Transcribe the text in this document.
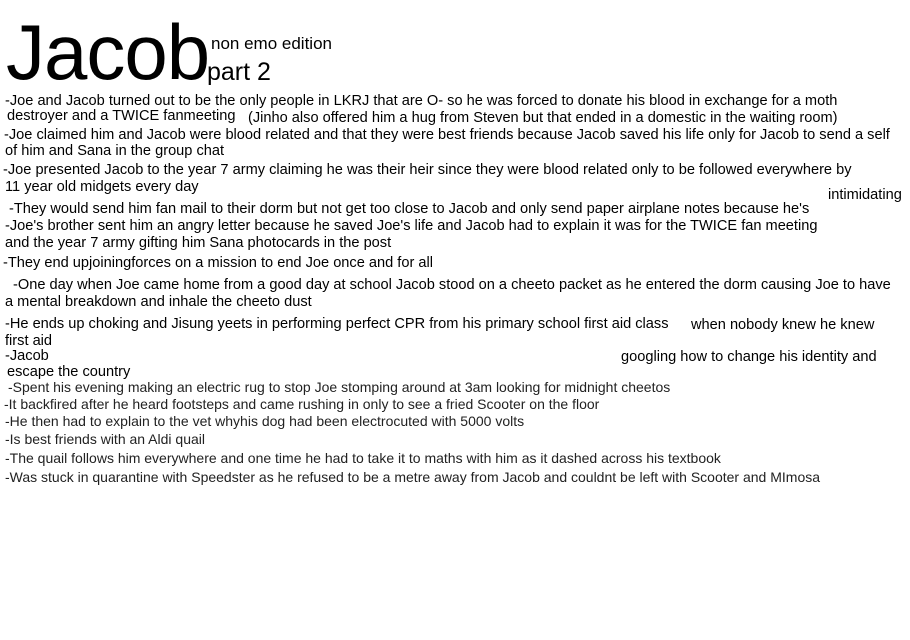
Jacob non emo edition
part 2
-Joe and Jacob turned out to be the only people in LKRJ that are O- so he was forced to donate his blood in exchange for a moth
destroyer and a TWICE fanmeeting (Jinho also offered him a hug from Steven but that ended in a domestic in the waiting room)
-Joe claimed him and Jacob were blood related and that they were best friends because Jacob saved his life only for Jacob to send a self
of him and Sana in the group chat
-Joe presented Jacob to the year 7 army claiming he was their heir since they were blood related only to be followed everywhere by
11 year old midgets every day	intimidating
-They would send him fan mail to their dorm but not get too close to Jacob and only send paper airplane notes because he's
-Joe's brother sent him an angry letter because he saved Joe's life and Jacob had to explain it was for the TWICE fan meeting
and the year 7 army gifting him Sana photocards in the post
-They end upjoiningforces on a mission to end Joe once and for all
-One day when Joe came home from a good day at school Jacob stood on a cheeto packet as he entered the dorm causing Joe to have
a mental breakdown and inhale the cheeto dust
-He ends up choking and Jisung yeets in performing perfect CPR from his primary school first aid class when nobody knew he knew
first aid
-Jacob	googling how to change his identity and
escape the country
-Spent his evening making an electric rug to stop Joe stomping around at 3am looking for midnight cheetos
-It backfired after he heard footsteps and came rushing in only to see a fried Scooter on the floor
-He then had to explain to the vet whyhis dog had been electrocuted with 5000 volts
-Is best friends with an Aldi quail
-The quail follows him everywhere and one time he had to take it to maths with him as it dashed across his textbook
-Was stuck in quarantine with Speedster as he refused to be a metre away from Jacob and couldnt be left with Scooter and MImosa
